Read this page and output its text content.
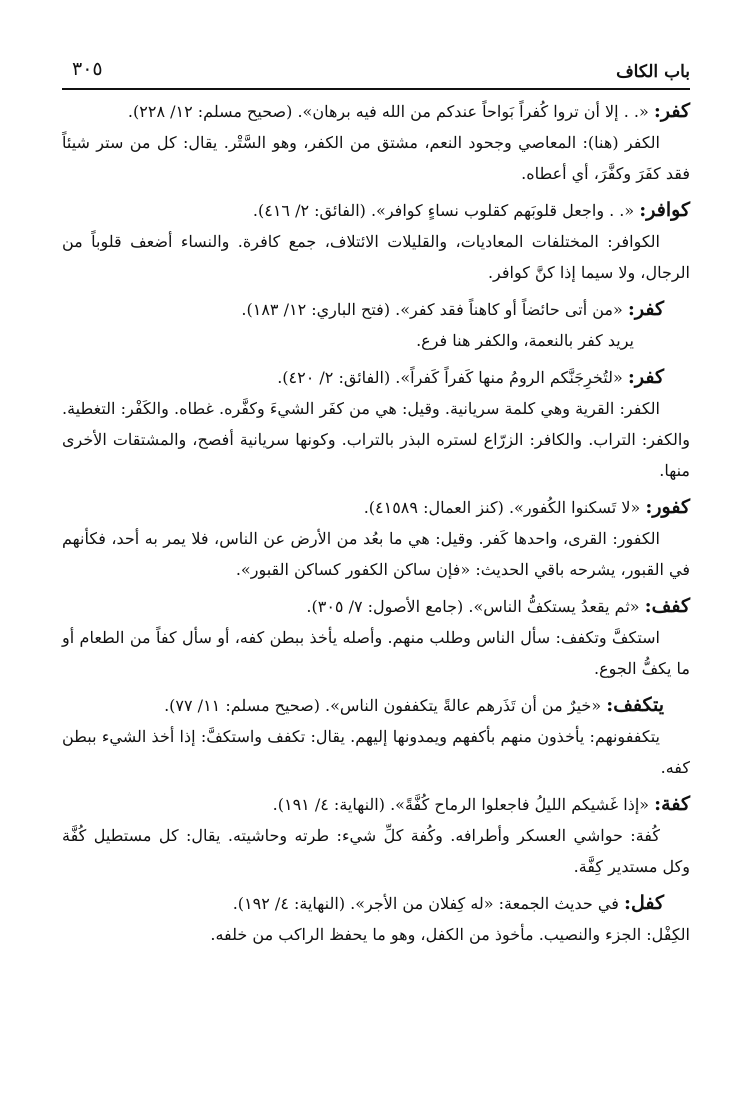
باب الكاف
٣٠٥
كفر: «. . إلا أن تروا كُفراً بَواحاً عندكم من الله فيه برهان». (صحيح مسلم: ١٢/ ٢٢٨).
الكفر (هنا): المعاصي وجحود النعم، مشتق من الكفر، وهو السَّتْر. يقال: كل من ستر شيئاً فقد كفَرَ وكفَّرَ، أي أعطاه.
كوافر: «. . واجعل قلوبَهم كقلوب نساءٍ كوافر». (الفائق: ٢/ ٤١٦).
الكوافر: المختلفات المعاديات، والقليلات الائتلاف، جمع كافرة. والنساء أضعف قلوباً من الرجال، ولا سيما إذا كنَّ كوافر.
كفر: «من أتى حائضاً أو كاهناً فقد كفر». (فتح الباري: ١٢/ ١٨٣).
يريد كفر بالنعمة، والكفر هنا فرع.
كفر: «لتُخرِجَنَّكم الرومُ منها كَفراً كَفراً». (الفائق: ٢/ ٤٢٠).
الكفر: القرية وهي كلمة سريانية. وقيل: هي من كفَر الشيءَ وكفَّره. غطاه. والكَفْر: التغطية. والكفر: التراب. والكافر: الزرّاع لستره البذر بالتراب. وكونها سريانية أفصح، والمشتقات الأخرى منها.
كفور: «لا تَسكنوا الكُفور». (كنز العمال: ٤١٥٨٩).
الكفور: القرى، واحدها كَفر. وقيل: هي ما بعُد من الأرض عن الناس، فلا يمر به أحد، فكأنهم في القبور، يشرحه باقي الحديث: «فإن ساكن الكفور كساكن القبور».
كفف: «ثم يقعدُ يستكفُّ الناس». (جامع الأصول: ٧/ ٣٠٥).
استكفَّ وتكفف: سأل الناس وطلب منهم. وأصله يأخذ ببطن كفه، أو سأل كفاً من الطعام أو ما يكفُّ الجوع.
يتكفف: «خيرٌ من أن تَذَرهم عالةً يتكففون الناس». (صحيح مسلم: ١١/ ٧٧).
يتكففونهم: يأخذون منهم بأكفهم ويمدونها إليهم. يقال: تكفف واستكفَّ: إذا أخذ الشيء ببطن كفه.
كفة: «إذا غَشيكم الليلُ فاجعلوا الرماح كُفَّةً». (النهاية: ٤/ ١٩١).
كُفة: حواشي العسكر وأطرافه. وكُفة كلِّ شيء: طرته وحاشيته. يقال: كل مستطيل كُفَّة وكل مستدير كِفَّة.
كفل: في حديث الجمعة: «له كِفلان من الأجر». (النهاية: ٤/ ١٩٢).
الكِفْل: الجزء والنصيب. مأخوذ من الكفل، وهو ما يحفظ الراكب من خلفه.
